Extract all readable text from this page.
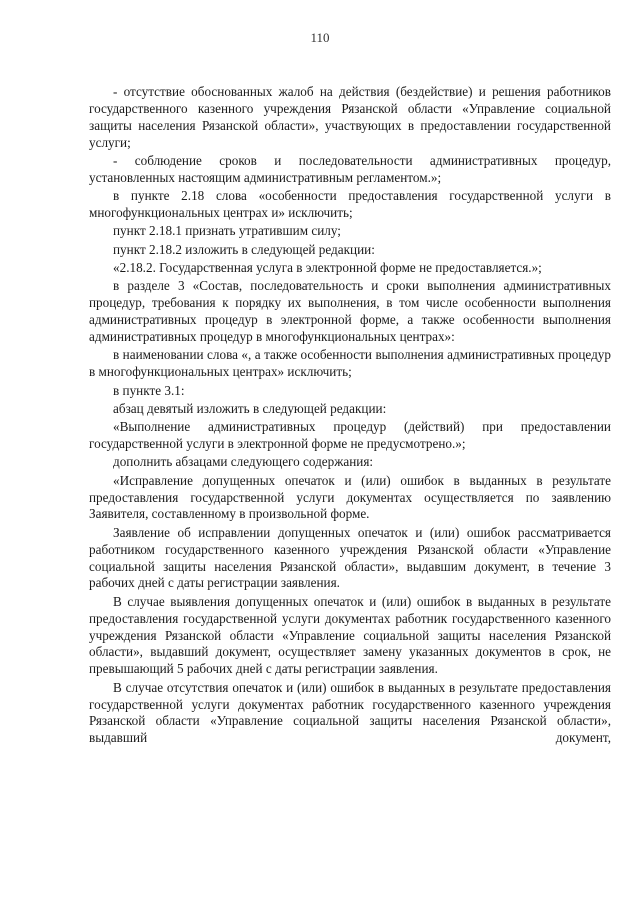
110

- отсутствие обоснованных жалоб на действия (бездействие) и решения работников государственного казенного учреждения Рязанской области «Управление социальной защиты населения Рязанской области», участвующих в предоставлении государственной услуги;

- соблюдение сроков и последовательности административных процедур, установленных настоящим административным регламентом.»;

в пункте 2.18 слова «особенности предоставления государственной услуги в многофункциональных центрах и» исключить;

пункт 2.18.1 признать утратившим силу;

пункт 2.18.2 изложить в следующей редакции:

«2.18.2. Государственная услуга в электронной форме не предоставляется.»;

в разделе 3 «Состав, последовательность и сроки выполнения административных процедур, требования к порядку их выполнения, в том числе особенности выполнения административных процедур в электронной форме, а также особенности выполнения административных процедур в многофункциональных центрах»:

в наименовании слова «, а также особенности выполнения административных процедур в многофункциональных центрах» исключить;

в пункте 3.1:

абзац девятый изложить в следующей редакции:

«Выполнение административных процедур (действий) при предоставлении государственной услуги в электронной форме не предусмотрено.»;

дополнить абзацами следующего содержания:

«Исправление допущенных опечаток и (или) ошибок в выданных в результате предоставления государственной услуги документах осуществляется по заявлению Заявителя, составленному в произвольной форме.

Заявление об исправлении допущенных опечаток и (или) ошибок рассматривается работником государственного казенного учреждения Рязанской области «Управление социальной защиты населения Рязанской области», выдавшим документ, в течение 3 рабочих дней с даты регистрации заявления.

В случае выявления допущенных опечаток и (или) ошибок в выданных в результате предоставления государственной услуги документах работник государственного казенного учреждения Рязанской области «Управление социальной защиты населения Рязанской области», выдавший документ, осуществляет замену указанных документов в срок, не превышающий 5 рабочих дней с даты регистрации заявления.

В случае отсутствия опечаток и (или) ошибок в выданных в результате предоставления государственной услуги документах работник государственного казенного учреждения Рязанской области «Управление социальной защиты населения Рязанской области», выдавший документ,
